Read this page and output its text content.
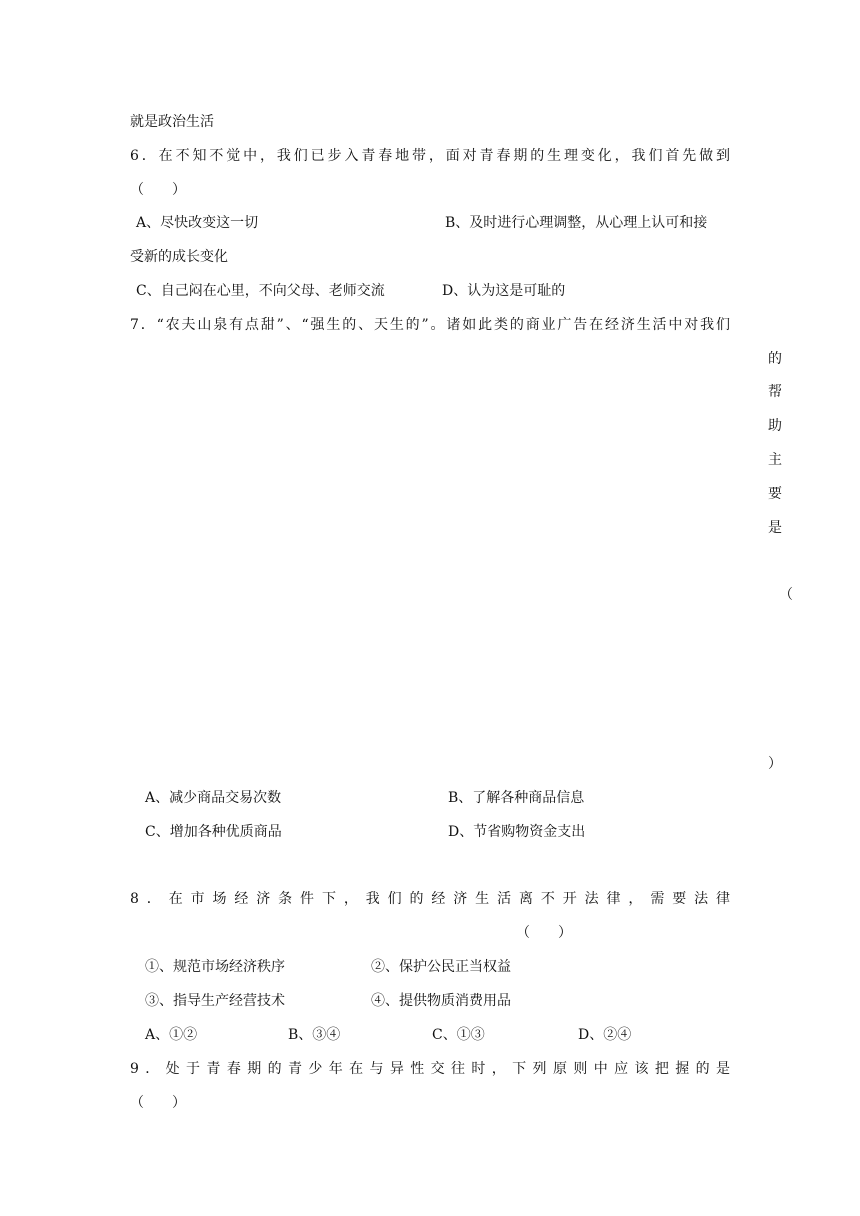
就是政治生活
6．在不知不觉中，我们已步入青春地带，面对青春期的生理变化，我们首先做到
（　　）
A、尽快改变这一切	B、及时进行心理调整，从心理上认可和接
受新的成长变化
C、自己闷在心里，不向父母、老师交流	D、认为这是可耻的
7．“农夫山泉有点甜”、“强生的、天生的”。诸如此类的商业广告在经济生活中对我们
的
帮
助
主
要
是
（
）
A、减少商品交易次数	B、了解各种商品信息
C、增加各种优质商品	D、节省购物资金支出
8．在市场经济条件下，我们的经济生活离不开法律，需要法律
（　　）
①、规范市场经济秩序	②、保护公民正当权益
③、指导生产经营技术	④、提供物质消费用品
A、①②	B、③④	C、①③	D、②④
9．处于青春期的青少年在与异性交往时，下列原则中应该把握的是
（　　）
